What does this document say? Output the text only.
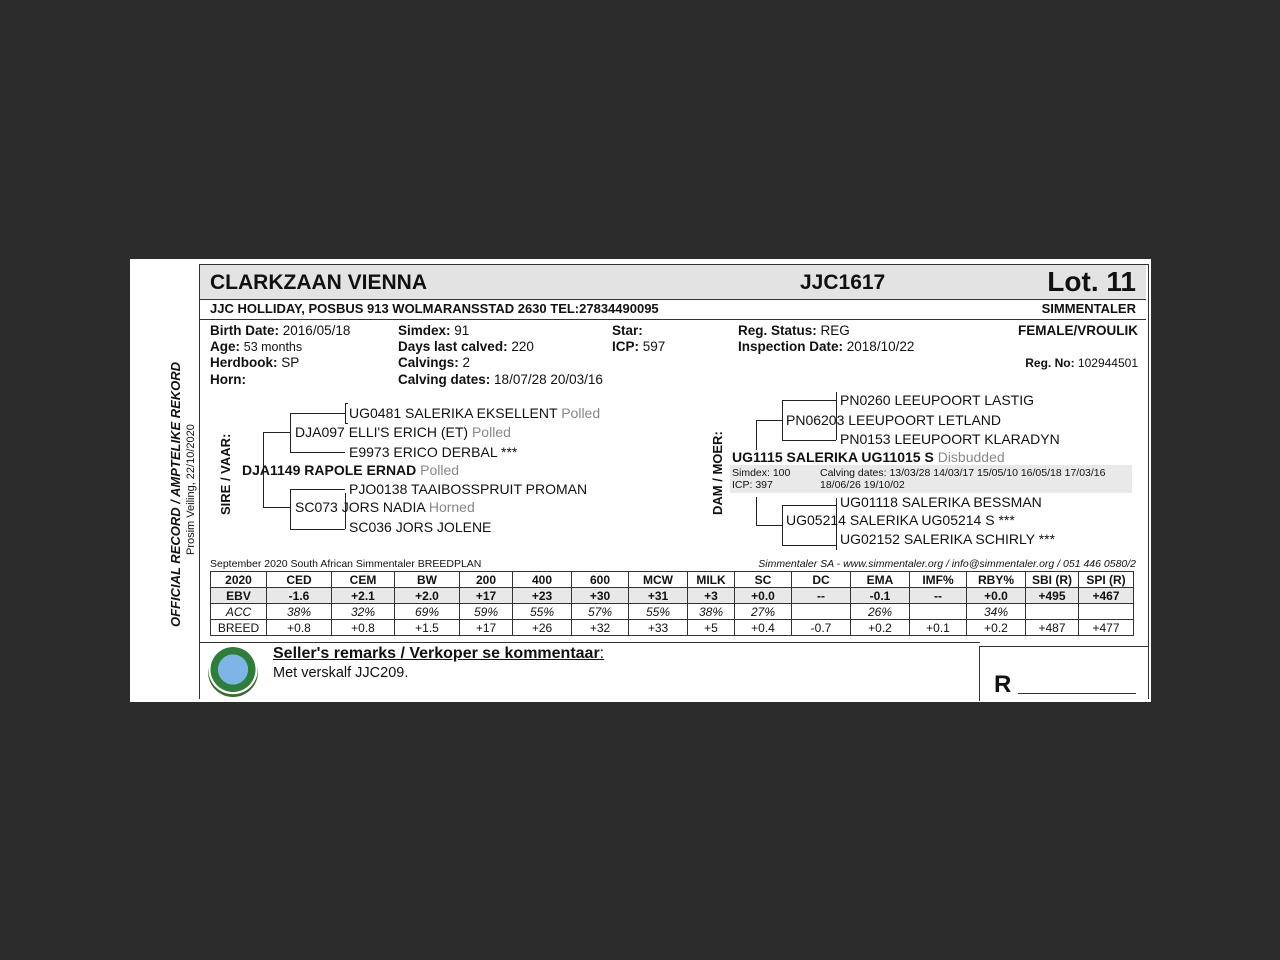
OFFICIAL RECORD / AMPTELIKE REKORD Prosim Veiling, 22/10/2020
CLARKZAAN VIENNA	JJC1617	Lot. 11
JJC HOLLIDAY, POSBUS 913 WOLMARANSSTAD 2630 TEL:27834490095	SIMMENTALER
Birth Date: 2016/05/18
Age: 53 months
Herdbook: SP
Horn:
Simdex: 91
Days last calved: 220
Calvings: 2
Calving dates: 18/07/28 20/03/16
Star:
ICP: 597
Reg. Status: REG
Inspection Date: 2018/10/22
FEMALE/VROULIK
Reg. No: 102944501
SIRE / VAAR:
UG0481 SALERIKA EKSELLENT Polled
DJA097 ELLI'S ERICH (ET) Polled
E9973 ERICO DERBAL ***
DJA1149 RAPOLE ERNAD Polled
PJO0138 TAAIBOSSPRUIT PROMAN
SC073 JORS NADIA Horned
SC036 JORS JOLENE
DAM / MOER:
PN0260 LEEUPOORT LASTIG
PN06203 LEEUPOORT LETLAND
PN0153 LEEUPOORT KLARADYN
UG1115 SALERIKA UG11015 S Disbudded
Simdex: 100
ICP: 397
Calving dates: 13/03/28 14/03/17 15/05/10 16/05/18 17/03/16
18/06/26 19/10/02
UG01118 SALERIKA BESSMAN
UG05214 SALERIKA UG05214 S ***
UG02152 SALERIKA SCHIRLY ***
September 2020 South African Simmentaler BREEDPLAN	Simmentaler SA - www.simmentaler.org / info@simmentaler.org / 051 446 0580/2
2020	CED	CEM	BW	200	400	600	MCW	MILK	SC	DC	EMA	IMF%	RBY%	SBI (R)	SPI (R)
EBV	-1.6	+2.1	+2.0	+17	+23	+30	+31	+3	+0.0	--	-0.1	--	+0.0	+495	+467
ACC	38%	32%	69%	59%	55%	57%	55%	38%	27%		26%		34%		
BREED	+0.8	+0.8	+1.5	+17	+26	+32	+33	+5	+0.4	-0.7	+0.2	+0.1	+0.2	+487	+477
Seller's remarks / Verkoper se kommentaar:
Met verskalf JJC209.	R
